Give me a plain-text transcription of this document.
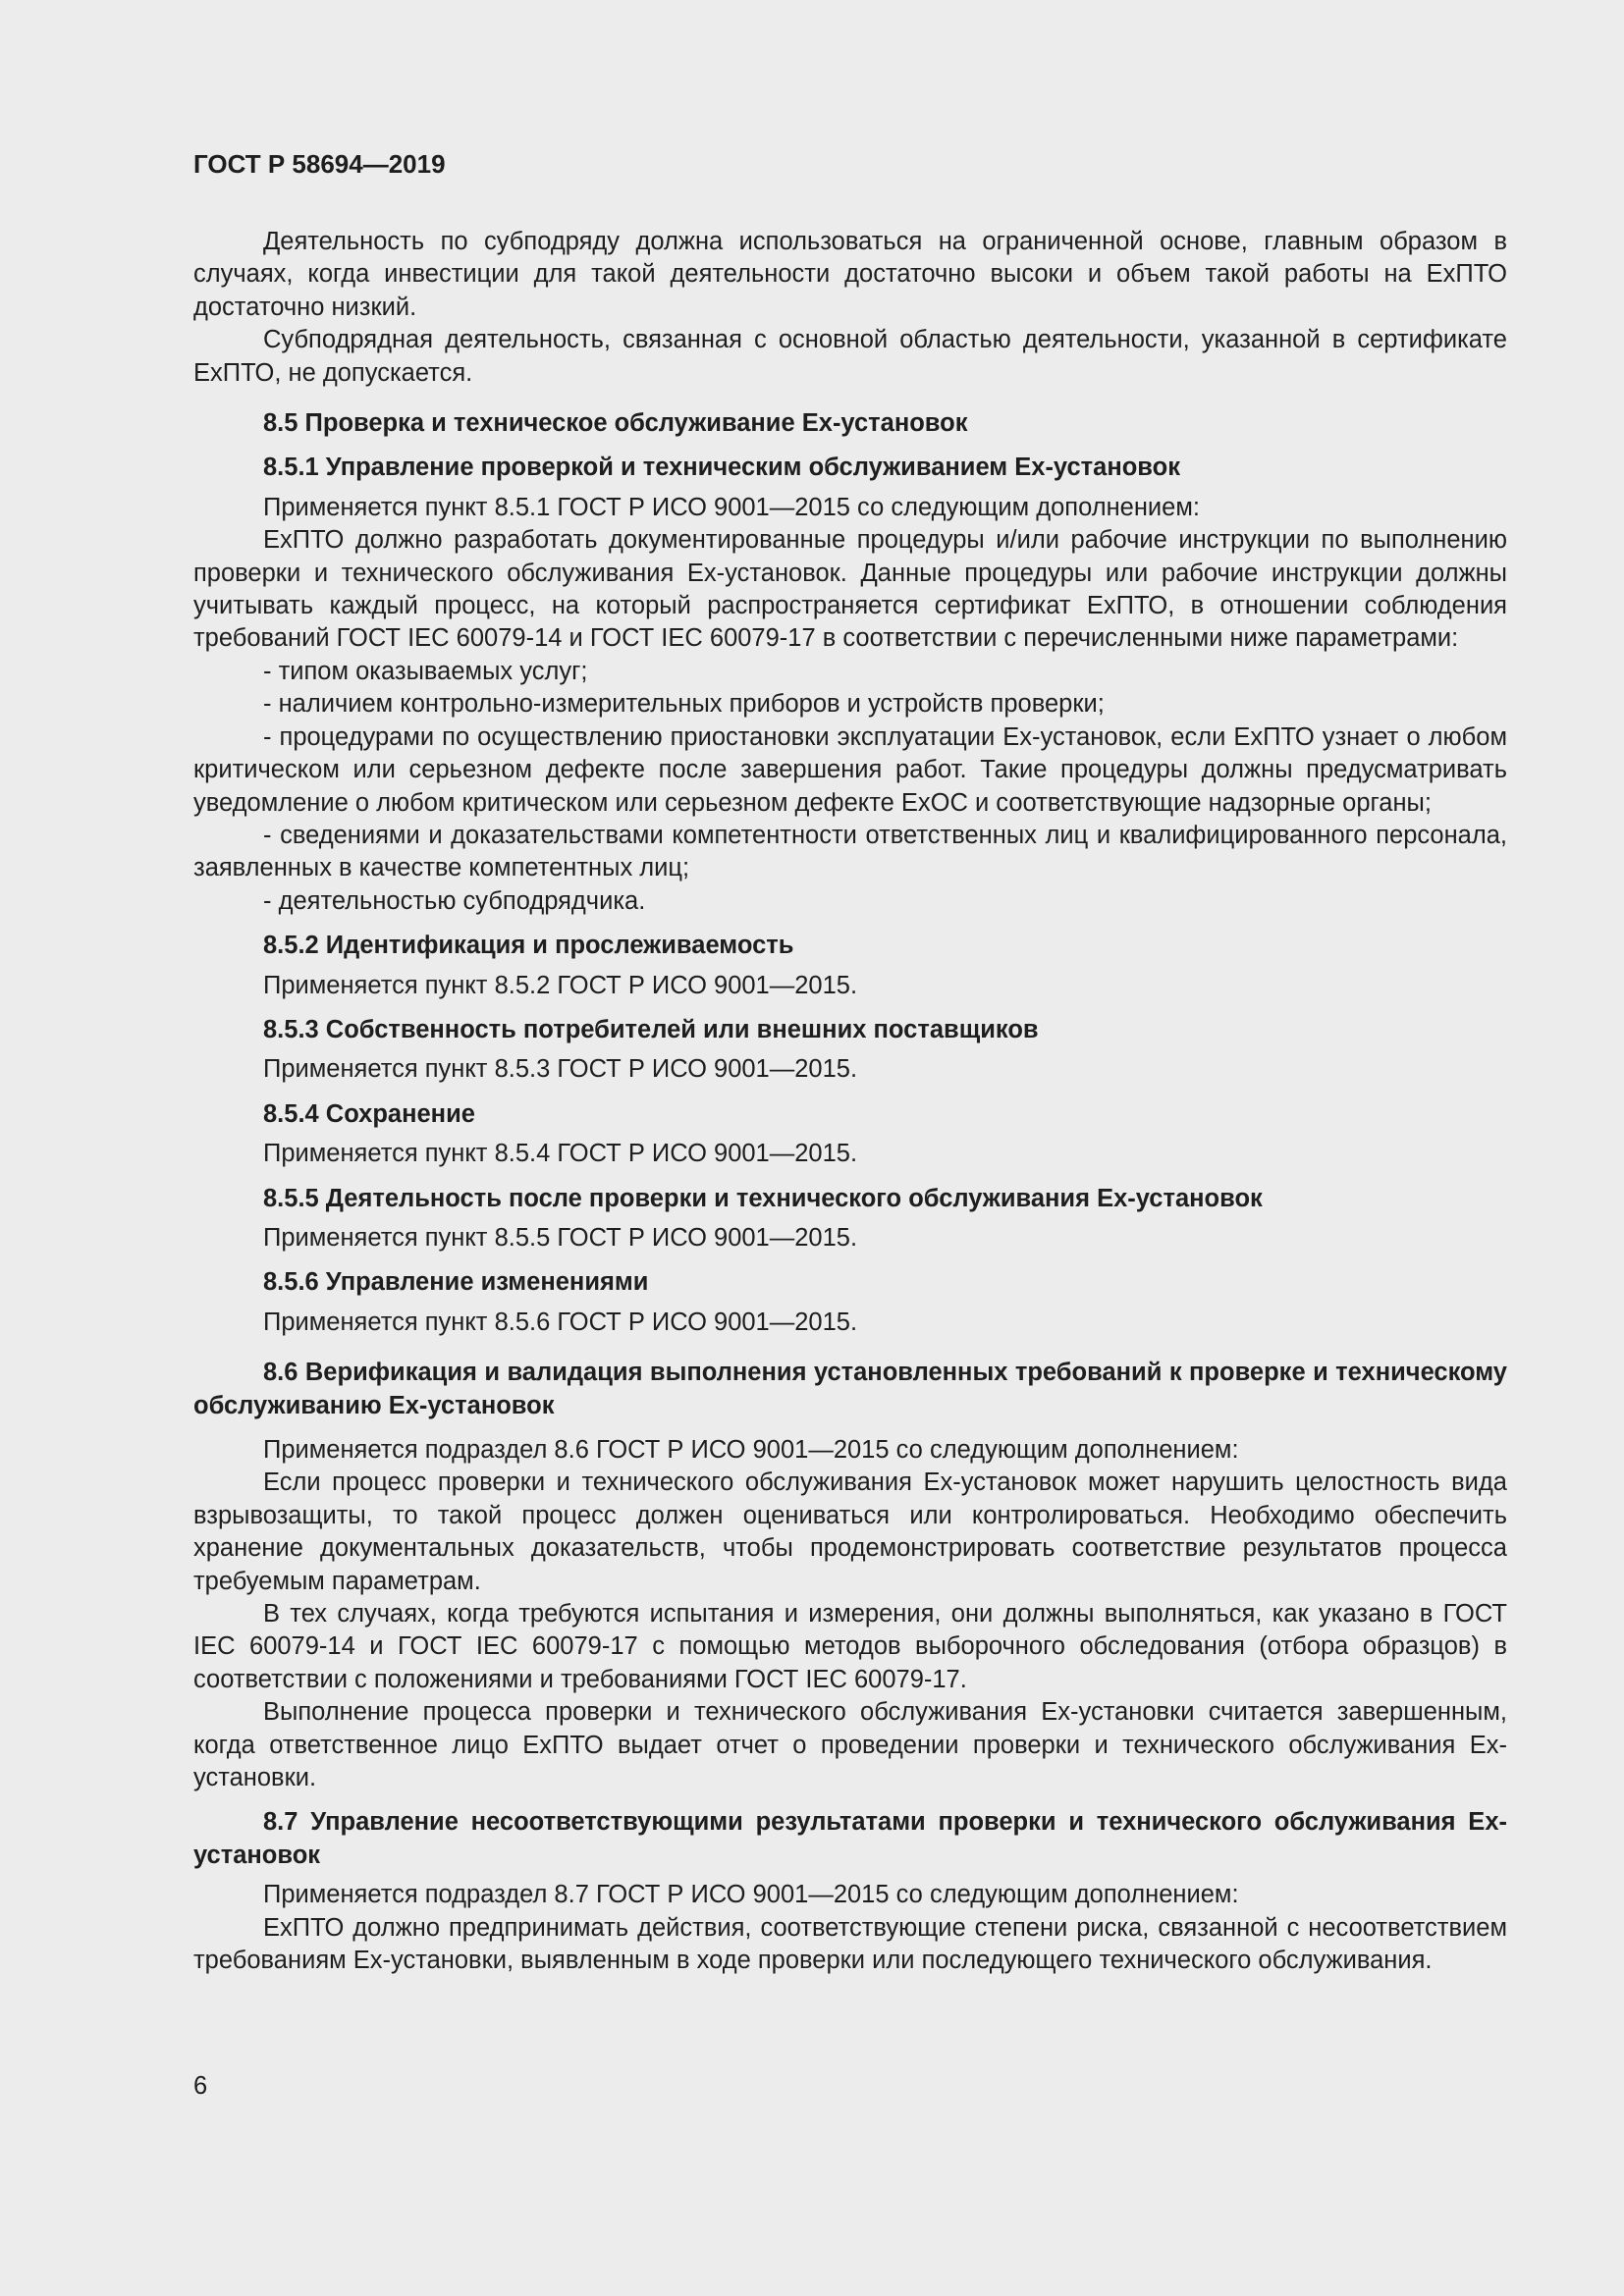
ГОСТ Р 58694—2019

Деятельность по субподряду должна использоваться на ограниченной основе, главным образом в случаях, когда инвестиции для такой деятельности достаточно высоки и объем такой работы на ExПТО достаточно низкий.

Субподрядная деятельность, связанная с основной областью деятельности, указанной в сертификате ExПТО, не допускается.

8.5 Проверка и техническое обслуживание Ex-установок

8.5.1 Управление проверкой и техническим обслуживанием Ex-установок

Применяется пункт 8.5.1 ГОСТ Р ИСО 9001—2015 со следующим дополнением:

ExПТО должно разработать документированные процедуры и/или рабочие инструкции по выполнению проверки и технического обслуживания Ex-установок. Данные процедуры или рабочие инструкции должны учитывать каждый процесс, на который распространяется сертификат ExПТО, в отношении соблюдения требований ГОСТ IEC 60079-14 и ГОСТ IEC 60079-17 в соответствии с перечисленными ниже параметрами:

- типом оказываемых услуг;

- наличием контрольно-измерительных приборов и устройств проверки;

- процедурами по осуществлению приостановки эксплуатации Ex-установок, если ExПТО узнает о любом критическом или серьезном дефекте после завершения работ. Такие процедуры должны предусматривать уведомление о любом критическом или серьезном дефекте ExOC и соответствующие надзорные органы;

- сведениями и доказательствами компетентности ответственных лиц и квалифицированного персонала, заявленных в качестве компетентных лиц;

- деятельностью субподрядчика.

8.5.2 Идентификация и прослеживаемость

Применяется пункт 8.5.2 ГОСТ Р ИСО 9001—2015.

8.5.3 Собственность потребителей или внешних поставщиков

Применяется пункт 8.5.3 ГОСТ Р ИСО 9001—2015.

8.5.4 Сохранение

Применяется пункт 8.5.4 ГОСТ Р ИСО 9001—2015.

8.5.5 Деятельность после проверки и технического обслуживания Ex-установок

Применяется пункт 8.5.5 ГОСТ Р ИСО 9001—2015.

8.5.6 Управление изменениями

Применяется пункт 8.5.6 ГОСТ Р ИСО 9001—2015.

8.6 Верификация и валидация выполнения установленных требований к проверке и техническому обслуживанию Ex-установок

Применяется подраздел 8.6 ГОСТ Р ИСО 9001—2015 со следующим дополнением:

Если процесс проверки и технического обслуживания Ex-установок может нарушить целостность вида взрывозащиты, то такой процесс должен оцениваться или контролироваться. Необходимо обеспечить хранение документальных доказательств, чтобы продемонстрировать соответствие результатов процесса требуемым параметрам.

В тех случаях, когда требуются испытания и измерения, они должны выполняться, как указано в ГОСТ IEC 60079-14 и ГОСТ IEC 60079-17 с помощью методов выборочного обследования (отбора образцов) в соответствии с положениями и требованиями ГОСТ IEC 60079-17.

Выполнение процесса проверки и технического обслуживания Ex-установки считается завершенным, когда ответственное лицо ExПТО выдает отчет о проведении проверки и технического обслуживания Ex-установки.

8.7 Управление несоответствующими результатами проверки и технического обслуживания Ex-установок

Применяется подраздел 8.7 ГОСТ Р ИСО 9001—2015 со следующим дополнением:

ExПТО должно предпринимать действия, соответствующие степени риска, связанной с несоответствием требованиям Ex-установки, выявленным в ходе проверки или последующего технического обслуживания.

6
